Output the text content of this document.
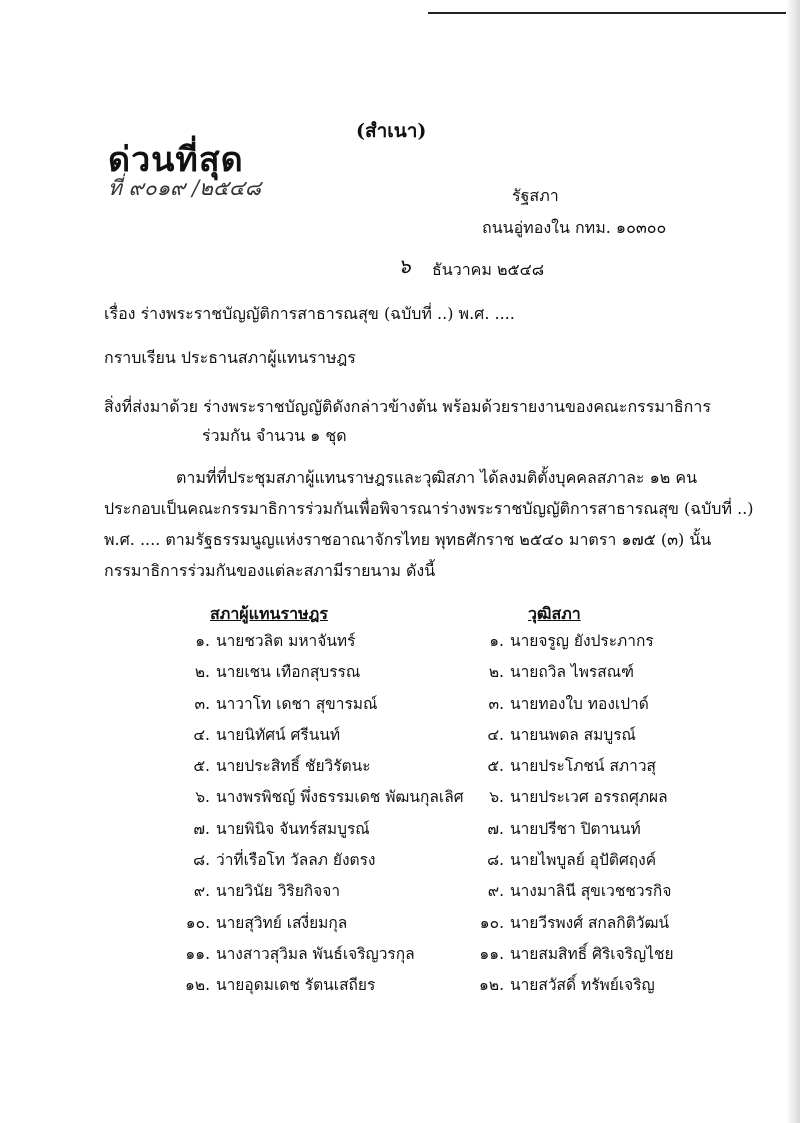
(สำเนา)
ด่วนที่สุด
ที่ ๙๐๑๙ /๒๕๔๘	รัฐสภา
ถนนอู่ทองใน กทม. ๑๐๓๐๐
๖ ธันวาคม ๒๕๔๘
เรื่อง ร่างพระราชบัญญัติการสาธารณสุข (ฉบับที่ ..) พ.ศ. ....
กราบเรียน ประธานสภาผู้แทนราษฎร
สิ่งที่ส่งมาด้วย ร่างพระราชบัญญัติดังกล่าวข้างต้น พร้อมด้วยรายงานของคณะกรรมาธิการ
ร่วมกัน จำนวน ๑ ชุด
ตามที่ที่ประชุมสภาผู้แทนราษฎรและวุฒิสภา ได้ลงมติตั้งบุคคลสภาละ ๑๒ คน
ประกอบเป็นคณะกรรมาธิการร่วมกันเพื่อพิจารณาร่างพระราชบัญญัติการสาธารณสุข (ฉบับที่ ..)
พ.ศ. .... ตามรัฐธรรมนูญแห่งราชอาณาจักรไทย พุทธศักราช ๒๕๔๐ มาตรา ๑๗๕ (๓) นั้น
กรรมาธิการร่วมกันของแต่ละสภามีรายนาม ดังนี้
สภาผู้แทนราษฎร	วุฒิสภา
๑. นายชวลิต มหาจันทร์
๒. นายเชน เทือกสุบรรณ
๓. นาวาโท เดชา สุขารมณ์
๔. นายนิทัศน์ ศรีนนท์
๕. นายประสิทธิ์ ชัยวิรัตนะ
๖. นางพรพิชญ์ พึ่งธรรมเดช พัฒนกุลเลิศ
๗. นายพินิจ จันทร์สมบูรณ์
๘. ว่าที่เรือโท วัลลภ ยังตรง
๙. นายวินัย วิริยกิจจา
๑๐. นายสุวิทย์ เสงี่ยมกุล
๑๑. นางสาวสุวิมล พันธ์เจริญวรกุล
๑๒. นายอุดมเดช รัตนเสถียร
๑. นายจรูญ ยังประภากร
๒. นายถวิล ไพรสณฑ์
๓. นายทองใบ ทองเปาด์
๔. นายนพดล สมบูรณ์
๕. นายประโภชน์ สภาวสุ
๖. นายประเวศ อรรถศุภผล
๗. นายปรีชา ปิตานนท์
๘. นายไพบูลย์ อุปัติศฤงค์
๙. นางมาลินี สุขเวชชวรกิจ
๑๐. นายวีรพงศ์ สกลกิติวัฒน์
๑๑. นายสมสิทธิ์ ศิริเจริญไชย
๑๒. นายสวัสดิ์ ทรัพย์เจริญ
